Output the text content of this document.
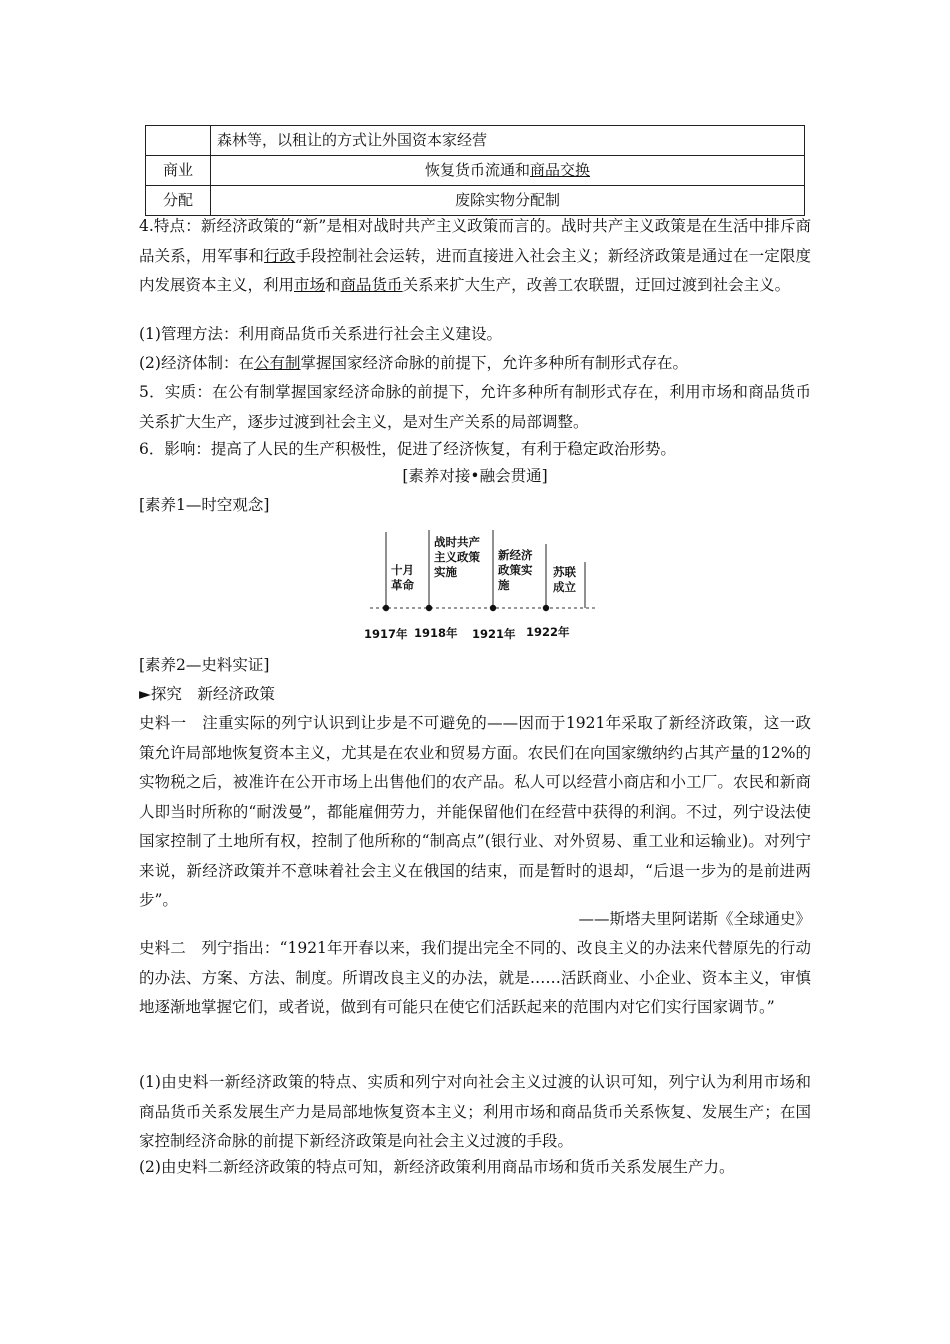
	森林等，以租让的方式让外国资本家经营
商业	恢复货币流通和商品交换
分配	废除实物分配制

4.特点：新经济政策的“新”是相对战时共产主义政策而言的。战时共产主义政策是在生活中排斥商品关系，用军事和行政手段控制社会运转，进而直接进入社会主义；新经济政策是通过在一定限度内发展资本主义，利用市场和商品货币关系来扩大生产，改善工农联盟，迂回过渡到社会主义。

(1)管理方法：利用商品货币关系进行社会主义建设。

(2)经济体制：在公有制掌握国家经济命脉的前提下，允许多种所有制形式存在。

5．实质：在公有制掌握国家经济命脉的前提下，允许多种所有制形式存在，利用市场和商品货币关系扩大生产，逐步过渡到社会主义，是对生产关系的局部调整。

6．影响：提高了人民的生产积极性，促进了经济恢复，有利于稳定政治形势。

[素养对接•融会贯通]

[素养1—时空观念]

十月
革命
战时共产
主义政策
实施
新经济
政策实
施
苏联
成立
1917年 1918年 1921年 1922年

[素养2—史料实证]

►探究　新经济政策

史料一　注重实际的列宁认识到让步是不可避免的——因而于1921年采取了新经济政策，这一政策允许局部地恢复资本主义，尤其是在农业和贸易方面。农民们在向国家缴纳约占其产量的12%的实物税之后，被准许在公开市场上出售他们的农产品。私人可以经营小商店和小工厂。农民和新商人即当时所称的“耐泼曼”，都能雇佣劳力，并能保留他们在经营中获得的利润。不过，列宁设法使国家控制了土地所有权，控制了他所称的“制高点”(银行业、对外贸易、重工业和运输业)。对列宁来说，新经济政策并不意味着社会主义在俄国的结束，而是暂时的退却，“后退一步为的是前进两步”。

——斯塔夫里阿诺斯《全球通史》

史料二　列宁指出：“1921年开春以来，我们提出完全不同的、改良主义的办法来代替原先的行动的办法、方案、方法、制度。所谓改良主义的办法，就是……活跃商业、小企业、资本主义，审慎地逐渐地掌握它们，或者说，做到有可能只在使它们活跃起来的范围内对它们实行国家调节。”

(1)由史料一新经济政策的特点、实质和列宁对向社会主义过渡的认识可知，列宁认为利用市场和商品货币关系发展生产力是局部地恢复资本主义；利用市场和商品货币关系恢复、发展生产；在国家控制经济命脉的前提下新经济政策是向社会主义过渡的手段。

(2)由史料二新经济政策的特点可知，新经济政策利用商品市场和货币关系发展生产力。
